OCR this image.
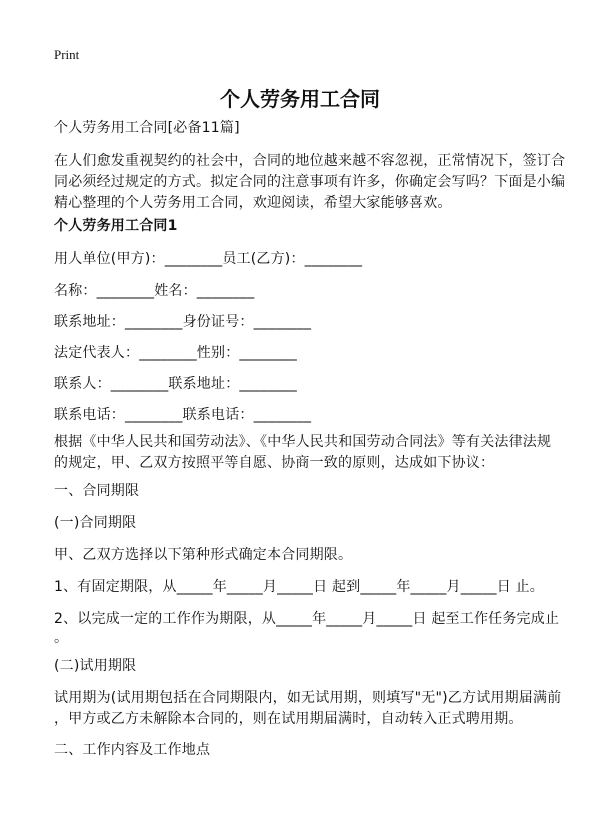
Print
个人劳务用工合同
个人劳务用工合同[必备11篇]
在人们愈发重视契约的社会中，合同的地位越来越不容忽视，正常情况下，签订合
同必须经过规定的方式。拟定合同的注意事项有许多，你确定会写吗？下面是小编
精心整理的个人劳务用工合同，欢迎阅读，希望大家能够喜欢。
个人劳务用工合同1
用人单位(甲方)：________员工(乙方)：________
名称：________姓名：________
联系地址：________身份证号：________
法定代表人：________性别：________
联系人：________联系地址：________
联系电话：________联系电话：________
根据《中华人民共和国劳动法》、《中华人民共和国劳动合同法》等有关法律法规
的规定，甲、乙双方按照平等自愿、协商一致的原则，达成如下协议：
一、合同期限
(一)合同期限
甲、乙双方选择以下第种形式确定本合同期限。
1、有固定期限，从_____年_____月_____日 起到_____年_____月_____日 止。
2、以完成一定的工作作为期限，从_____年_____月_____日 起至工作任务完成止
。
(二)试用期限
试用期为(试用期包括在合同期限内，如无试用期，则填写"无")乙方试用期届满前
，甲方或乙方未解除本合同的，则在试用期届满时，自动转入正式聘用期。
二、工作内容及工作地点
